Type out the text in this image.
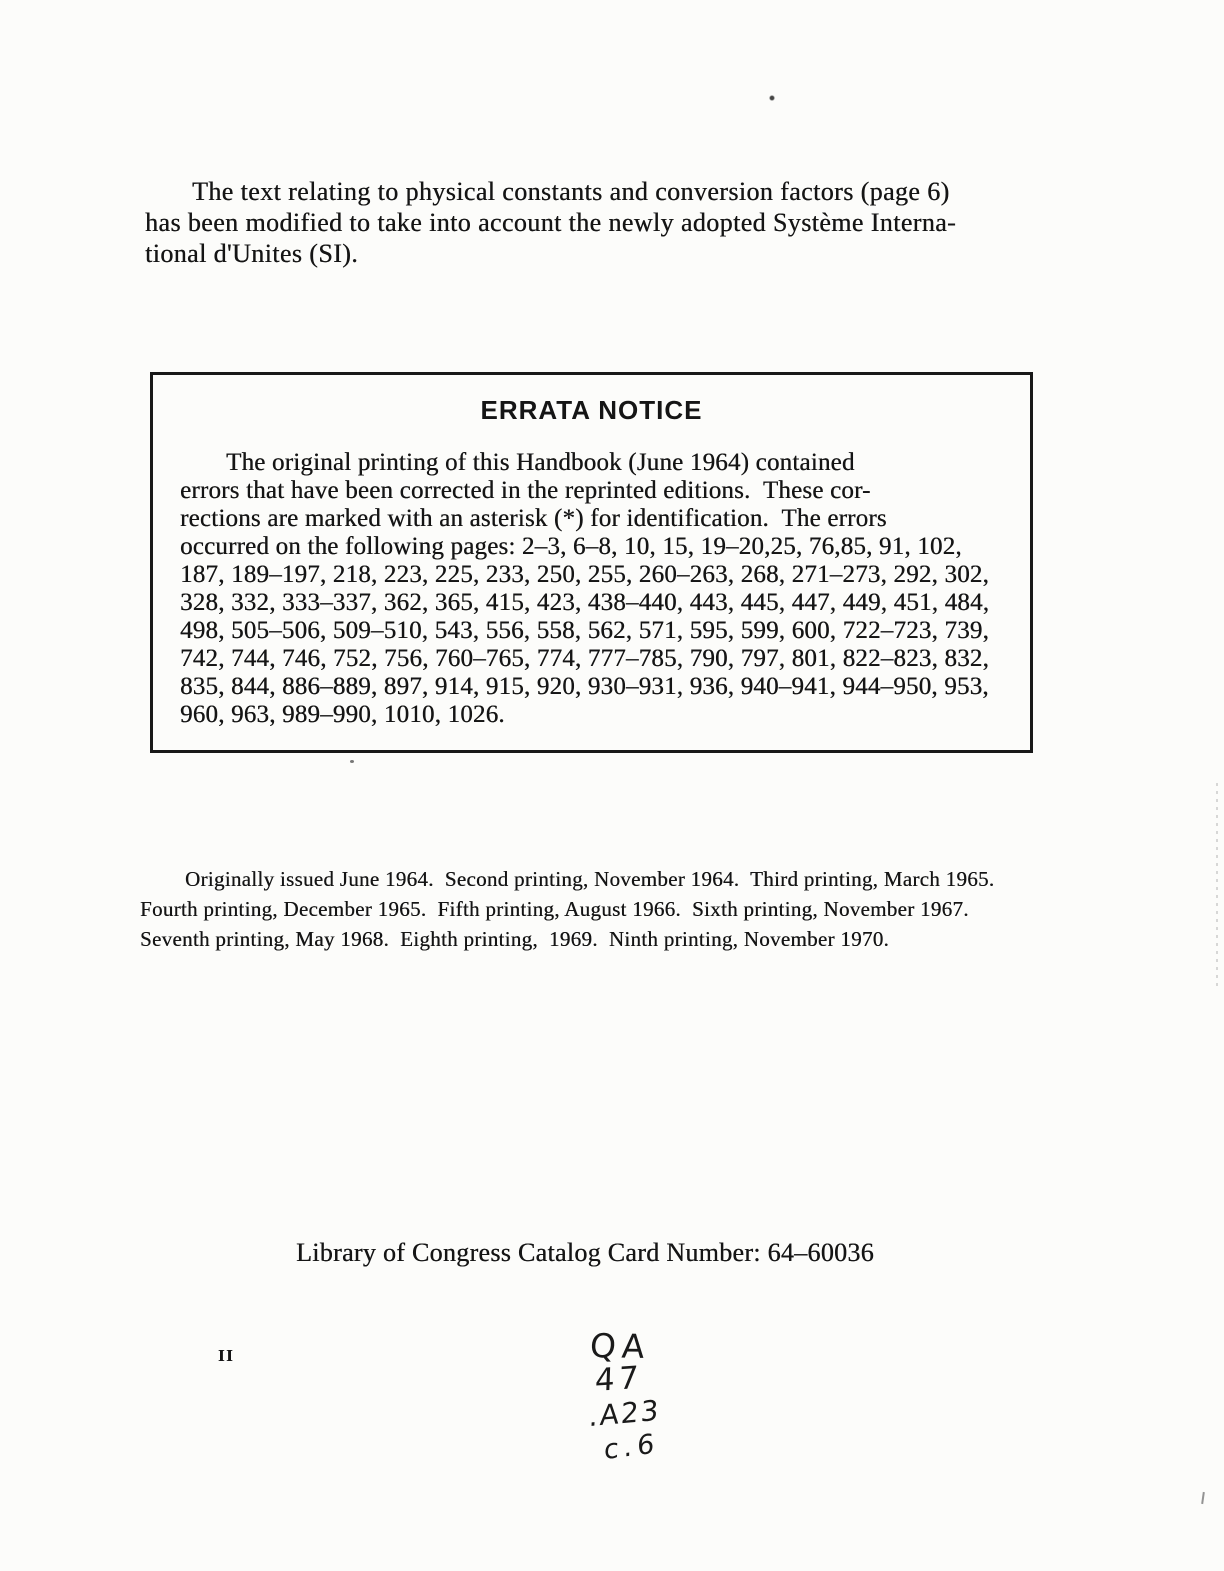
The text relating to physical constants and conversion factors (page 6)
has been modified to take into account the newly adopted Système Interna-
tional d'Unites (SI).
ERRATA NOTICE
The original printing of this Handbook (June 1964) contained
errors that have been corrected in the reprinted editions.  These cor-
rections are marked with an asterisk (*) for identification.  The errors
occurred on the following pages: 2–3, 6–8, 10, 15, 19–20,25, 76,85, 91, 102,
187, 189–197, 218, 223, 225, 233, 250, 255, 260–263, 268, 271–273, 292, 302,
328, 332, 333–337, 362, 365, 415, 423, 438–440, 443, 445, 447, 449, 451, 484,
498, 505–506, 509–510, 543, 556, 558, 562, 571, 595, 599, 600, 722–723, 739,
742, 744, 746, 752, 756, 760–765, 774, 777–785, 790, 797, 801, 822–823, 832,
835, 844, 886–889, 897, 914, 915, 920, 930–931, 936, 940–941, 944–950, 953,
960, 963, 989–990, 1010, 1026.
Originally issued June 1964.  Second printing, November 1964.  Third printing, March 1965.
Fourth printing, December 1965.  Fifth printing, August 1966.  Sixth printing, November 1967.
Seventh printing, May 1968.  Eighth printing,  1969.  Ninth printing, November 1970.
Library of Congress Catalog Card Number: 64–60036
II	QA
47
.A23
c.6
